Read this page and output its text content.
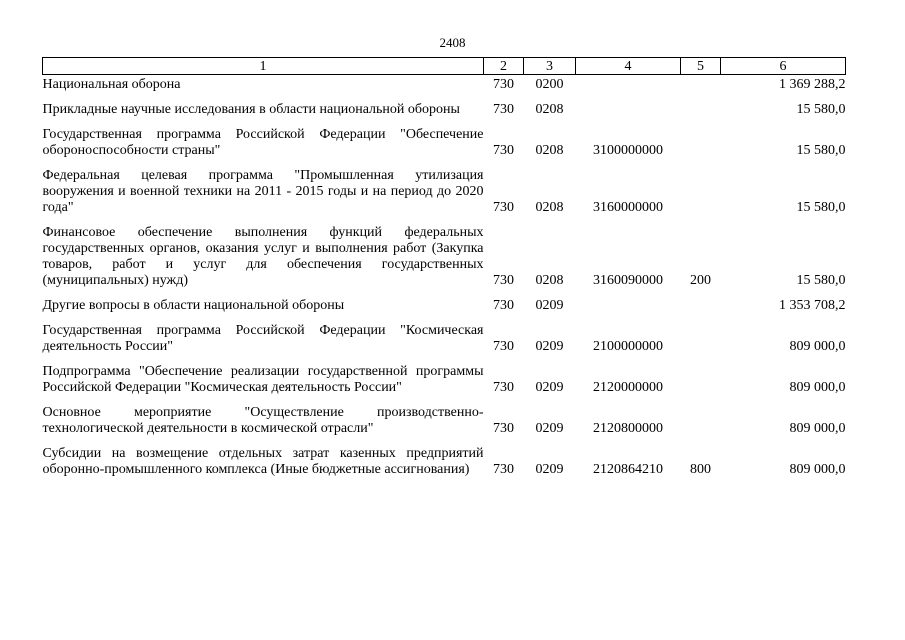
2408
1	2	3	4	5	6
Национальная оборона	730	0200			1 369 288,2
Прикладные научные исследования в области национальной обороны	730	0208			15 580,0
Государственная программа Российской Федерации "Обеспечение обороноспособности страны"	730	0208	3100000000		15 580,0
Федеральная целевая программа "Промышленная утилизация вооружения и военной техники на 2011 - 2015 годы и на период до 2020 года"	730	0208	3160000000		15 580,0
Финансовое обеспечение выполнения функций федеральных государственных органов, оказания услуг и выполнения работ (Закупка товаров, работ и услуг для обеспечения государственных (муниципальных) нужд)	730	0208	3160090000	200	15 580,0
Другие вопросы в области национальной обороны	730	0209			1 353 708,2
Государственная программа Российской Федерации "Космическая деятельность России"	730	0209	2100000000		809 000,0
Подпрограмма "Обеспечение реализации государственной программы Российской Федерации "Космическая деятельность России"	730	0209	2120000000		809 000,0
Основное мероприятие "Осуществление производственно-технологической деятельности в космической отрасли"	730	0209	2120800000		809 000,0
Субсидии на возмещение отдельных затрат казенных предприятий оборонно-промышленного комплекса (Иные бюджетные ассигнования)	730	0209	2120864210	800	809 000,0
